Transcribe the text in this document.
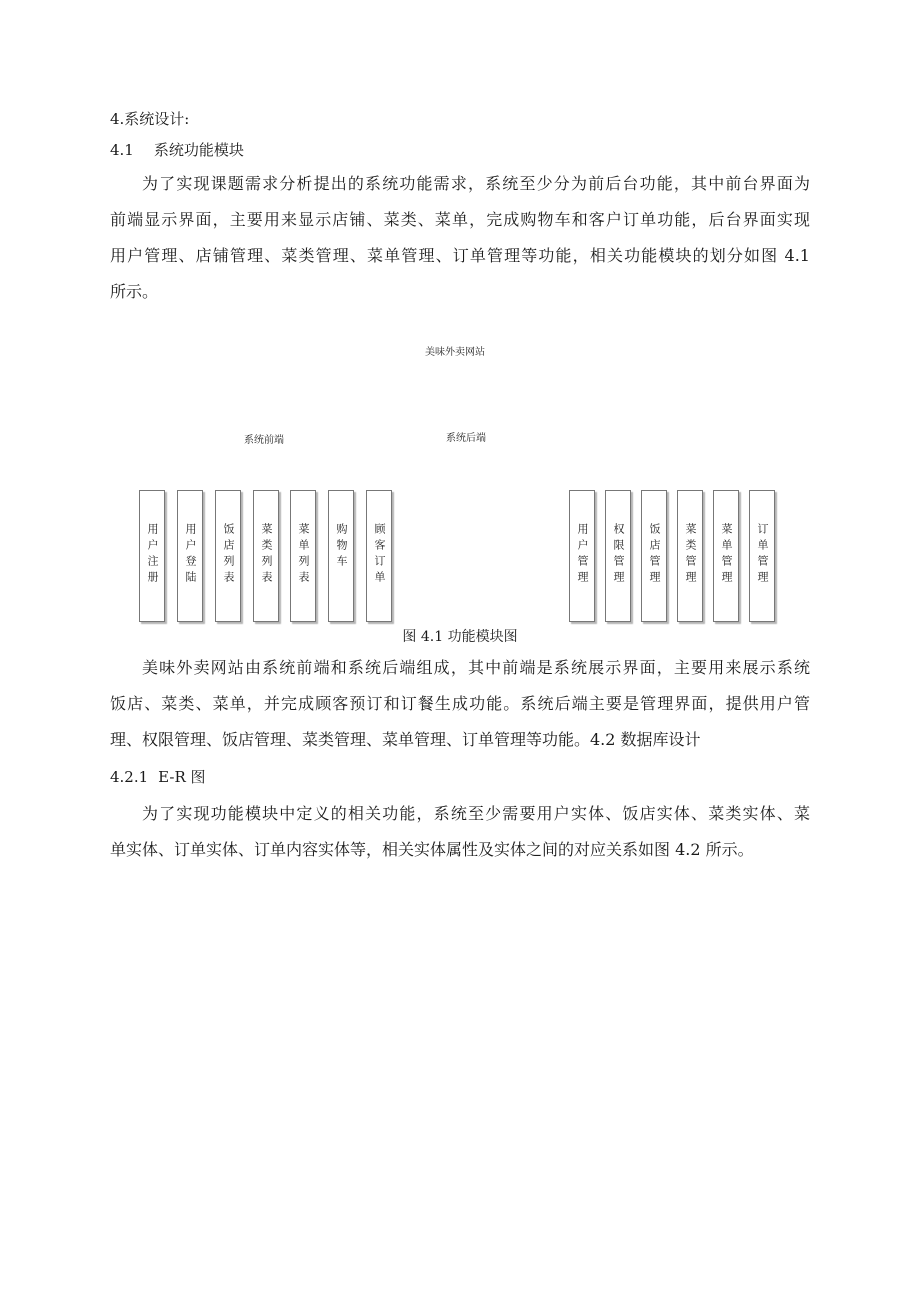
4.系统设计:
4.1 系统功能模块

为了实现课题需求分析提出的系统功能需求，系统至少分为前后台功能，其中前台界面为
前端显示界面，主要用来显示店铺、菜类、菜单，完成购物车和客户订单功能，后台界面实现
用户管理、店铺管理、菜类管理、菜单管理、订单管理等功能，相关功能模块的划分如图 4.1
所示。

美味外卖网站
系统前端	系统后端
用户注册 用户登陆 饭店列表 菜类列表 菜单列表 购物车 顾客订单	用户管理 权限管理 饭店管理 菜类管理 菜单管理 订单管理
图 4.1 功能模块图

美味外卖网站由系统前端和系统后端组成，其中前端是系统展示界面，主要用来展示系统
饭店、菜类、菜单，并完成顾客预订和订餐生成功能。系统后端主要是管理界面，提供用户管
理、权限管理、饭店管理、菜类管理、菜单管理、订单管理等功能。4.2 数据库设计

4.2.1 E-R 图

为了实现功能模块中定义的相关功能，系统至少需要用户实体、饭店实体、菜类实体、菜
单实体、订单实体、订单内容实体等，相关实体属性及实体之间的对应关系如图 4.2 所示。
